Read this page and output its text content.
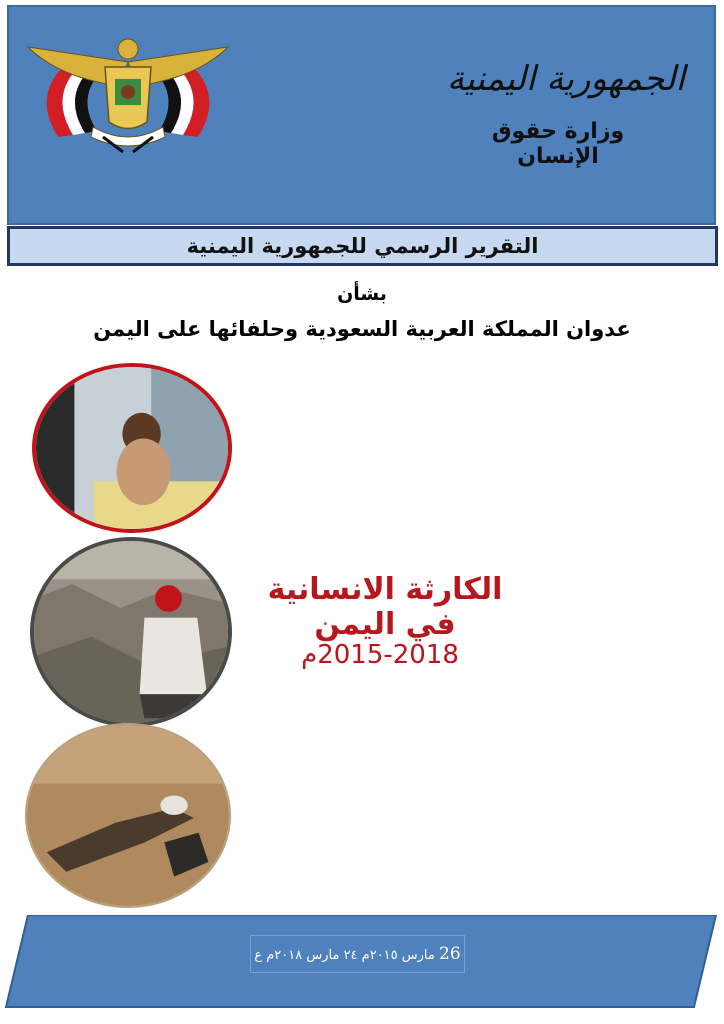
الجمهورية اليمنية
وزارة حقوق الإنسان
التقرير الرسمي للجمهورية اليمنية
بشأن
عدوان المملكة العربية السعودية وحلفائها على اليمن
الكارثة الانسانية في اليمن
2015-2018م
26 مارس ٢٠١٥م ٢٤ مارس ٢٠١٨م ع
